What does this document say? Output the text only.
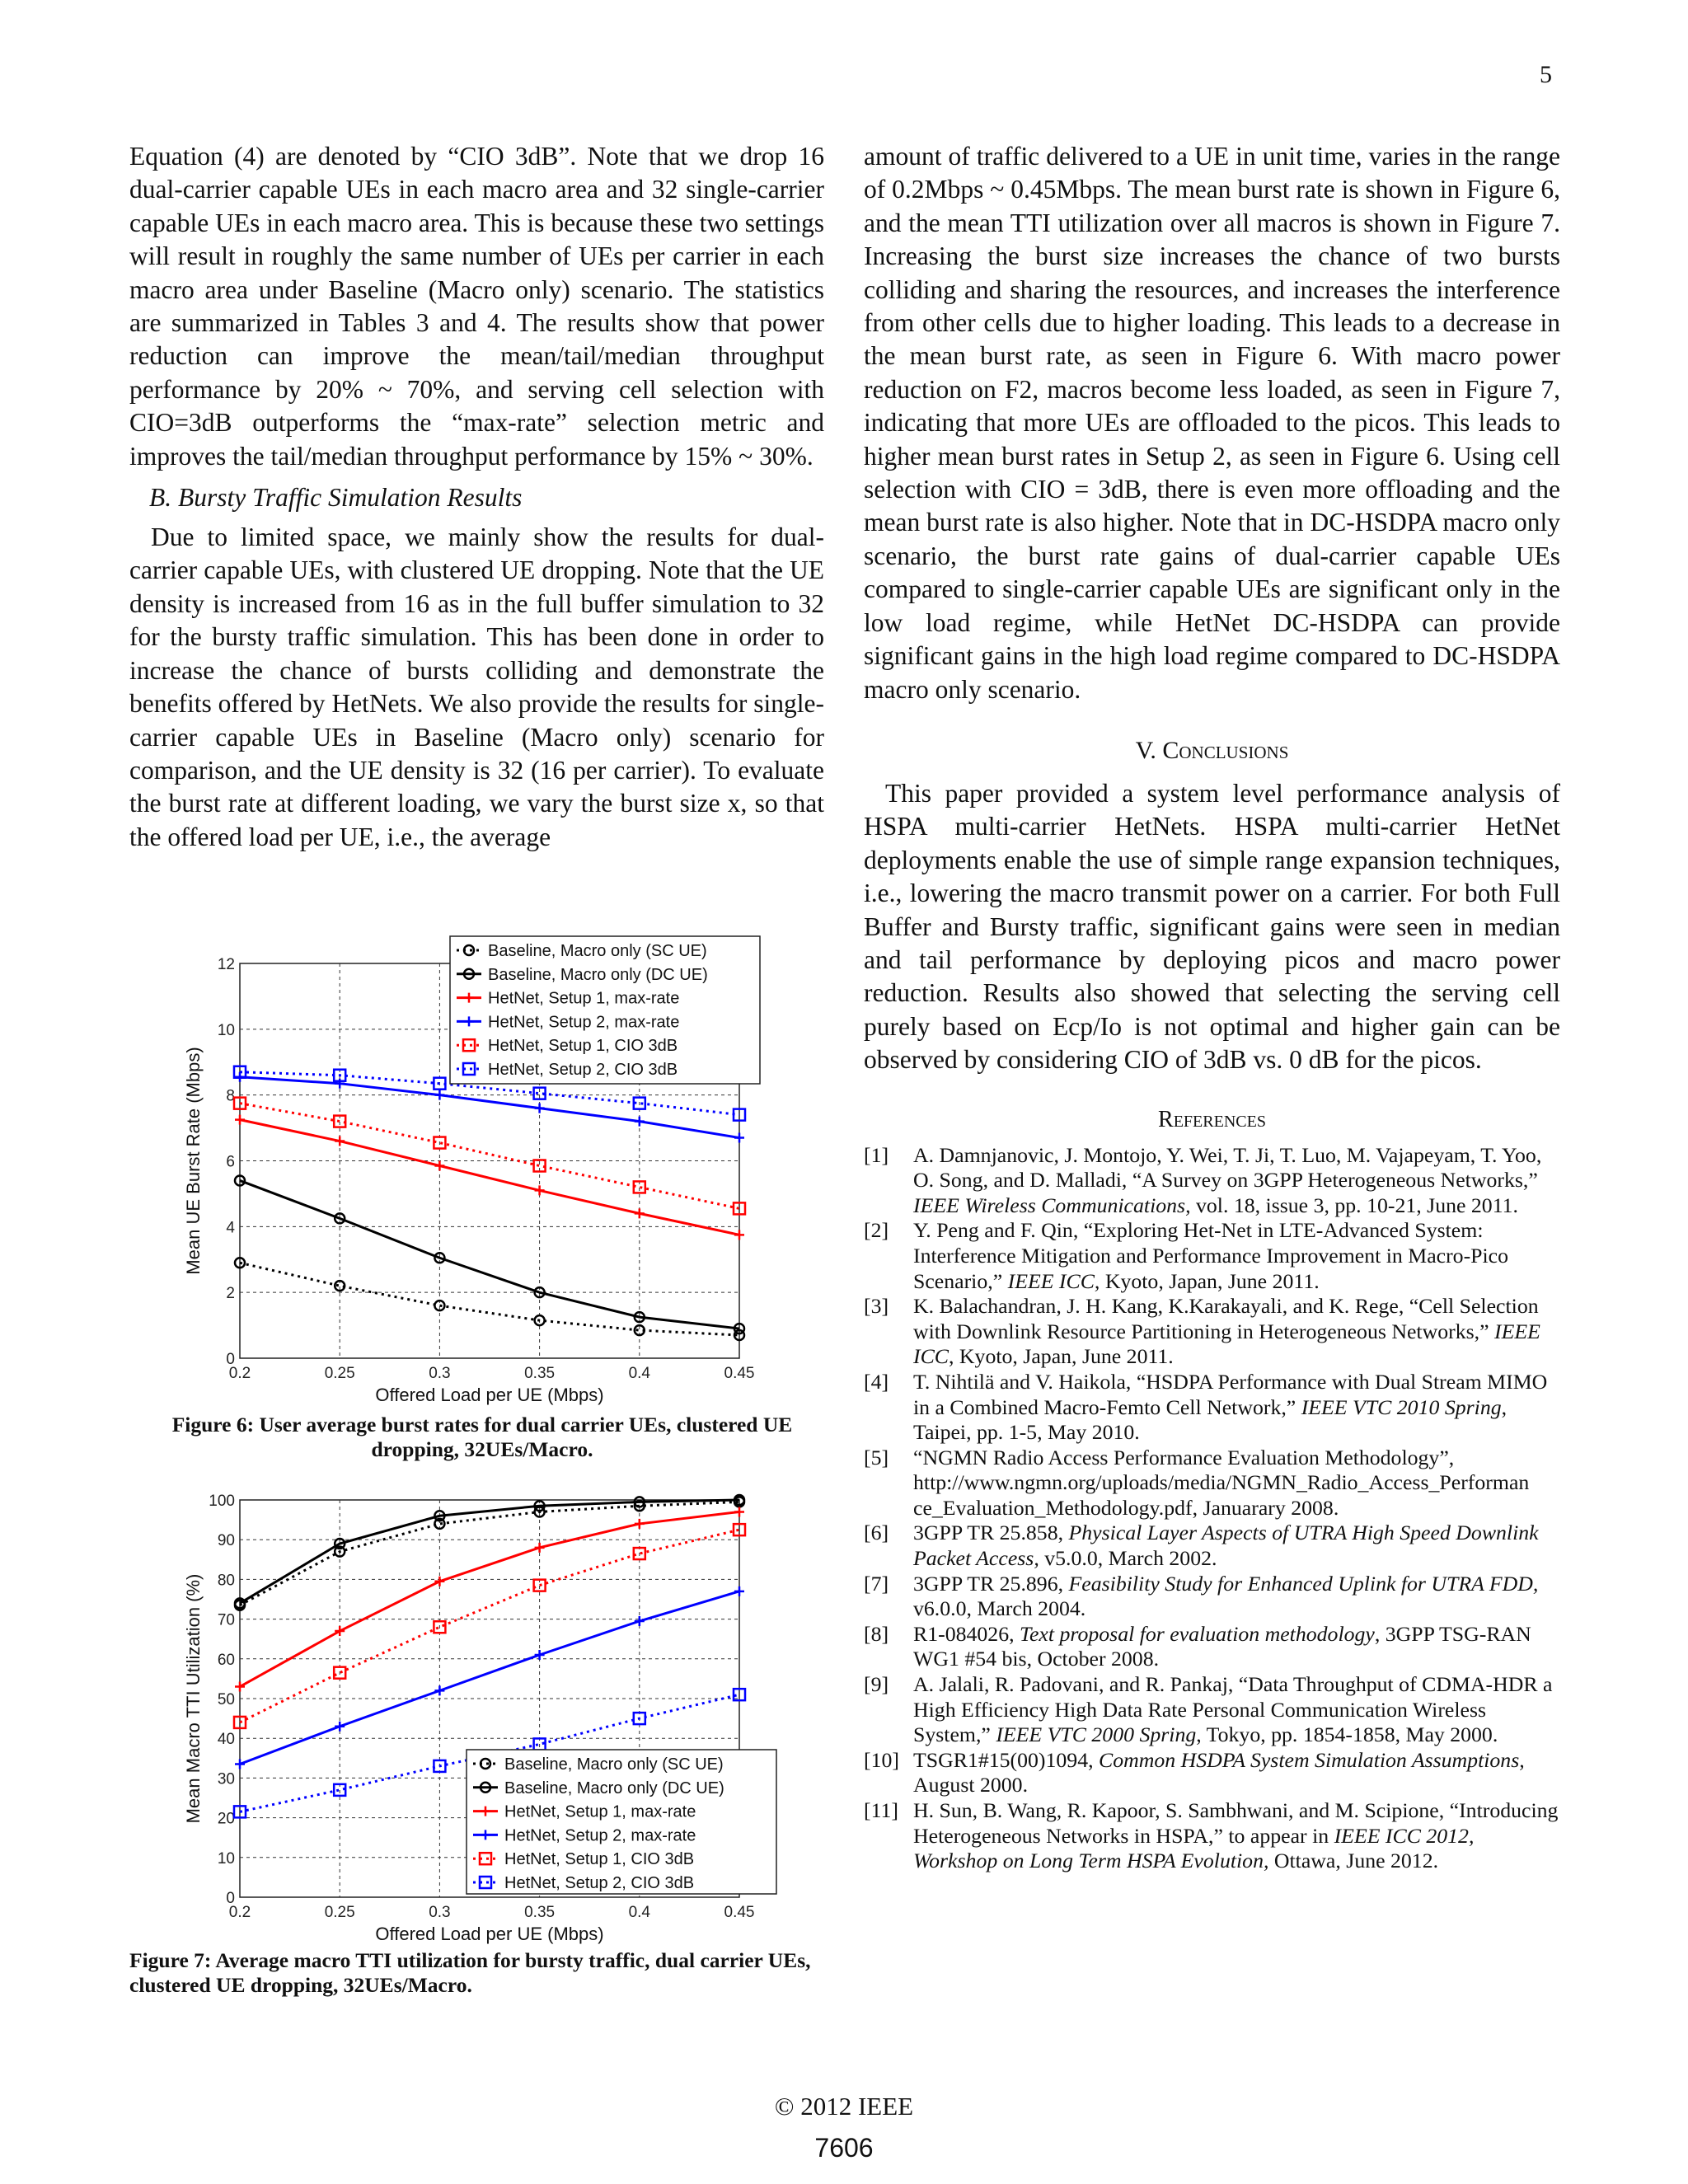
5

Equation (4) are denoted by “CIO 3dB”. Note that we drop 16 dual-carrier capable UEs in each macro area and 32 single-carrier capable UEs in each macro area. This is because these two settings will result in roughly the same number of UEs per carrier in each macro area under Baseline (Macro only) scenario. The statistics are summarized in Tables 3 and 4. The results show that power reduction can improve the mean/tail/median throughput performance by 20% ~ 70%, and serving cell selection with CIO=3dB outperforms the “max-rate” selection metric and improves the tail/median throughput performance by 15% ~ 30%.

B. Bursty Traffic Simulation Results

Due to limited space, we mainly show the results for dual-carrier capable UEs, with clustered UE dropping. Note that the UE density is increased from 16 as in the full buffer simulation to 32 for the bursty traffic simulation. This has been done in order to increase the chance of bursts colliding and demonstrate the benefits offered by HetNets. We also provide the results for single-carrier capable UEs in Baseline (Macro only) scenario for comparison, and the UE density is 32 (16 per carrier). To evaluate the burst rate at different loading, we vary the burst size x, so that the offered load per UE, i.e., the average

amount of traffic delivered to a UE in unit time, varies in the range of 0.2Mbps ~ 0.45Mbps. The mean burst rate is shown in Figure 6, and the mean TTI utilization over all macros is shown in Figure 7. Increasing the burst size increases the chance of two bursts colliding and sharing the resources, and increases the interference from other cells due to higher loading. This leads to a decrease in the mean burst rate, as seen in Figure 6. With macro power reduction on F2, macros become less loaded, as seen in Figure 7, indicating that more UEs are offloaded to the picos. This leads to higher mean burst rates in Setup 2, as seen in Figure 6. Using cell selection with CIO = 3dB, there is even more offloading and the mean burst rate is also higher. Note that in DC-HSDPA macro only scenario, the burst rate gains of dual-carrier capable UEs compared to single-carrier capable UEs are significant only in the low load regime, while HetNet DC-HSDPA can provide significant gains in the high load regime compared to DC-HSDPA macro only scenario.

V. Conclusions

This paper provided a system level performance analysis of HSPA multi-carrier HetNets. HSPA multi-carrier HetNet deployments enable the use of simple range expansion techniques, i.e., lowering the macro transmit power on a carrier. For both Full Buffer and Bursty traffic, significant gains were seen in median and tail performance by deploying picos and macro power reduction. Results also showed that selecting the serving cell purely based on Ecp/Io is not optimal and higher gain can be observed by considering CIO of 3dB vs. 0 dB for the picos.

References
[1]	A. Damnjanovic, J. Montojo, Y. Wei, T. Ji, T. Luo, M. Vajapeyam, T. Yoo, O. Song, and D. Malladi, “A Survey on 3GPP Heterogeneous Networks,” IEEE Wireless Communications, vol. 18, issue 3, pp. 10-21, June 2011.
[2]	Y. Peng and F. Qin, “Exploring Het-Net in LTE-Advanced System: Interference Mitigation and Performance Improvement in Macro-Pico Scenario,” IEEE ICC, Kyoto, Japan, June 2011.
[3]	K. Balachandran, J. H. Kang, K.Karakayali, and K. Rege, “Cell Selection with Downlink Resource Partitioning in Heterogeneous Networks,” IEEE ICC, Kyoto, Japan, June 2011.
[4]	T. Nihtilä and V. Haikola, “HSDPA Performance with Dual Stream MIMO in a Combined Macro-Femto Cell Network,” IEEE VTC 2010 Spring, Taipei, pp. 1-5, May 2010.
[5]	“NGMN Radio Access Performance Evaluation Methodology”, http://www.ngmn.org/uploads/media/NGMN_Radio_Access_Performan ce_Evaluation_Methodology.pdf, Januarary 2008.
[6]	3GPP TR 25.858, Physical Layer Aspects of UTRA High Speed Downlink Packet Access, v5.0.0, March 2002.
[7]	3GPP TR 25.896, Feasibility Study for Enhanced Uplink for UTRA FDD, v6.0.0, March 2004.
[8]	R1-084026, Text proposal for evaluation methodology, 3GPP TSG-RAN WG1 #54 bis, October 2008.
[9]	A. Jalali, R. Padovani, and R. Pankaj, “Data Throughput of CDMA-HDR a High Efficiency High Data Rate Personal Communication Wireless System,” IEEE VTC 2000 Spring, Tokyo, pp. 1854-1858, May 2000.
[10] TSGR1#15(00)1094, Common HSDPA System Simulation Assumptions, August 2000.
[11] H. Sun, B. Wang, R. Kapoor, S. Sambhwani, and M. Scipione, “Introducing Heterogeneous Networks in HSPA,” to appear in IEEE ICC 2012, Workshop on Long Term HSPA Evolution, Ottawa, June 2012.
0.2	0.25	0.3	0.35	0.4	0.45
0
2
4
6
8
10
12
Offered Load per UE (Mbps)
Mean UE Burst Rate (Mbps)
Baseline, Macro only (SC UE)
Baseline, Macro only (DC UE)
HetNet, Setup 1, max-rate
HetNet, Setup 2, max-rate
HetNet, Setup 1, CIO 3dB
HetNet, Setup 2, CIO 3dB
Figure 6: User average burst rates for dual carrier UEs, clustered UE dropping, 32UEs/Macro.
0.2	0.25	0.3	0.35	0.4	0.45
0
10
20
30
40
50
60
70
80
90
100
Offered Load per UE (Mbps)
Mean Macro TTI Utilization (%)	Baseline, Macro only (SC UE)
Baseline, Macro only (DC UE)
HetNet, Setup 1, max-rate
HetNet, Setup 2, max-rate
HetNet, Setup 1, CIO 3dB
HetNet, Setup 2, CIO 3dB
Figure 7: Average macro TTI utilization for bursty traffic, dual carrier UEs, clustered UE dropping, 32UEs/Macro.
© 2012 IEEE
7606
